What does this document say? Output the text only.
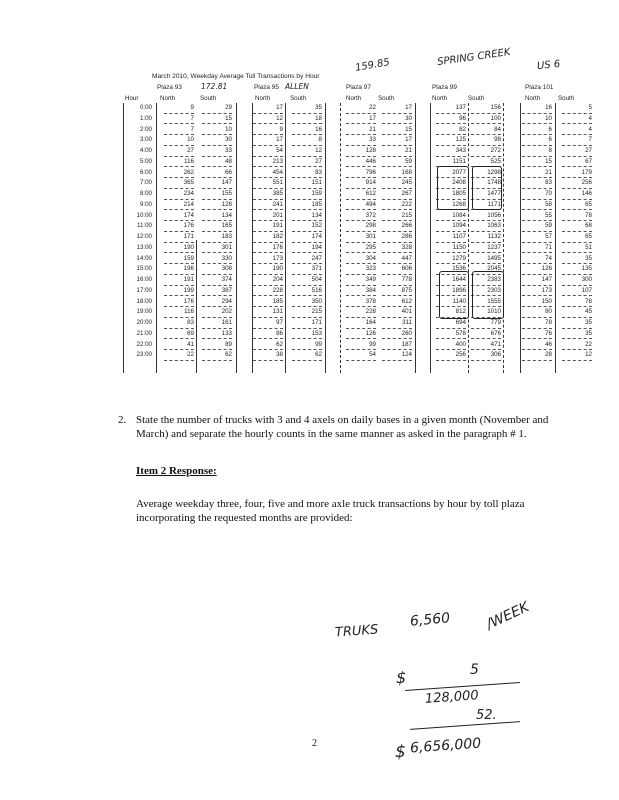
March 2010, Weekday Average Toll Transactions by Hour
159.85	SPRING CREEK	US 6
Plaza 93	172.81	Plaza 95 ALLEN	Plaza 97	Plaza 99	Plaza 101
Hour	North	South	North	South	North	South	North	South	North	South
0:00	9	29	17	35	22	17	137	156	16	5
1:00	7	15	12	18	17	30	96	100	10	4
2:00	7	10	9	16	21	15	82	84	6	4
3:00	10	30	17	8	33	17	125	98	6	7
4:00	27	33	54	12	128	21	343	272	8	27
5:00	116	48	213	27	446	59	1151	525	15	67
6:00	262	66	454	83	796	168	2077	1298	21	179
7:00	365	147	551	151	914	245	2408	1748	83	256
8:00	234	155	385	159	612	267	1805	1477	70	146
9:00	214	128	241	185	494	222	1268	1171	58	65
10:00	174	134	201	134	372	215	1084	1056	55	78
11:00	176	165	191	152	298	266	1094	1063	59	68
12:00	171	183	182	174	301	286	1107	1132	57	65
13:00	190	301	176	194	295	328	1150	1237	71	51
14:00	159	330	173	247	304	447	1279	1495	74	35
15:00	196	308	190	371	323	606	1536	2045	126	135
16:00	191	374	204	504	349	778	1644	2383	147	300
17:00	199	387	228	516	384	875	1896	2303	173	107
18:00	176	294	185	350	378	612	1140	1555	150	78
19:00	116	202	131	215	228	401	812	1010	80	45
20:00	83	161	97	171	164	311	694	779	78	35
21:00	69	133	86	153	126	260	578	676	76	35
22:00	41	89	62	99	99	187	400	471	46	22
23:00	22	62	38	62	54	124	256	306	28	12
2. State the number of trucks with 3 and 4 axels on daily bases in a given month (November and March) and separate the hourly counts in the same manner as asked in the paragraph # 1.
Item 2 Response:
Average weekday three, four, five and more axle truck transactions by hour by toll plaza incorporating the requested months are provided:
TRUKS
6,560 /WEEK
$	5
128,000
52.
$ 6,656,000
2
